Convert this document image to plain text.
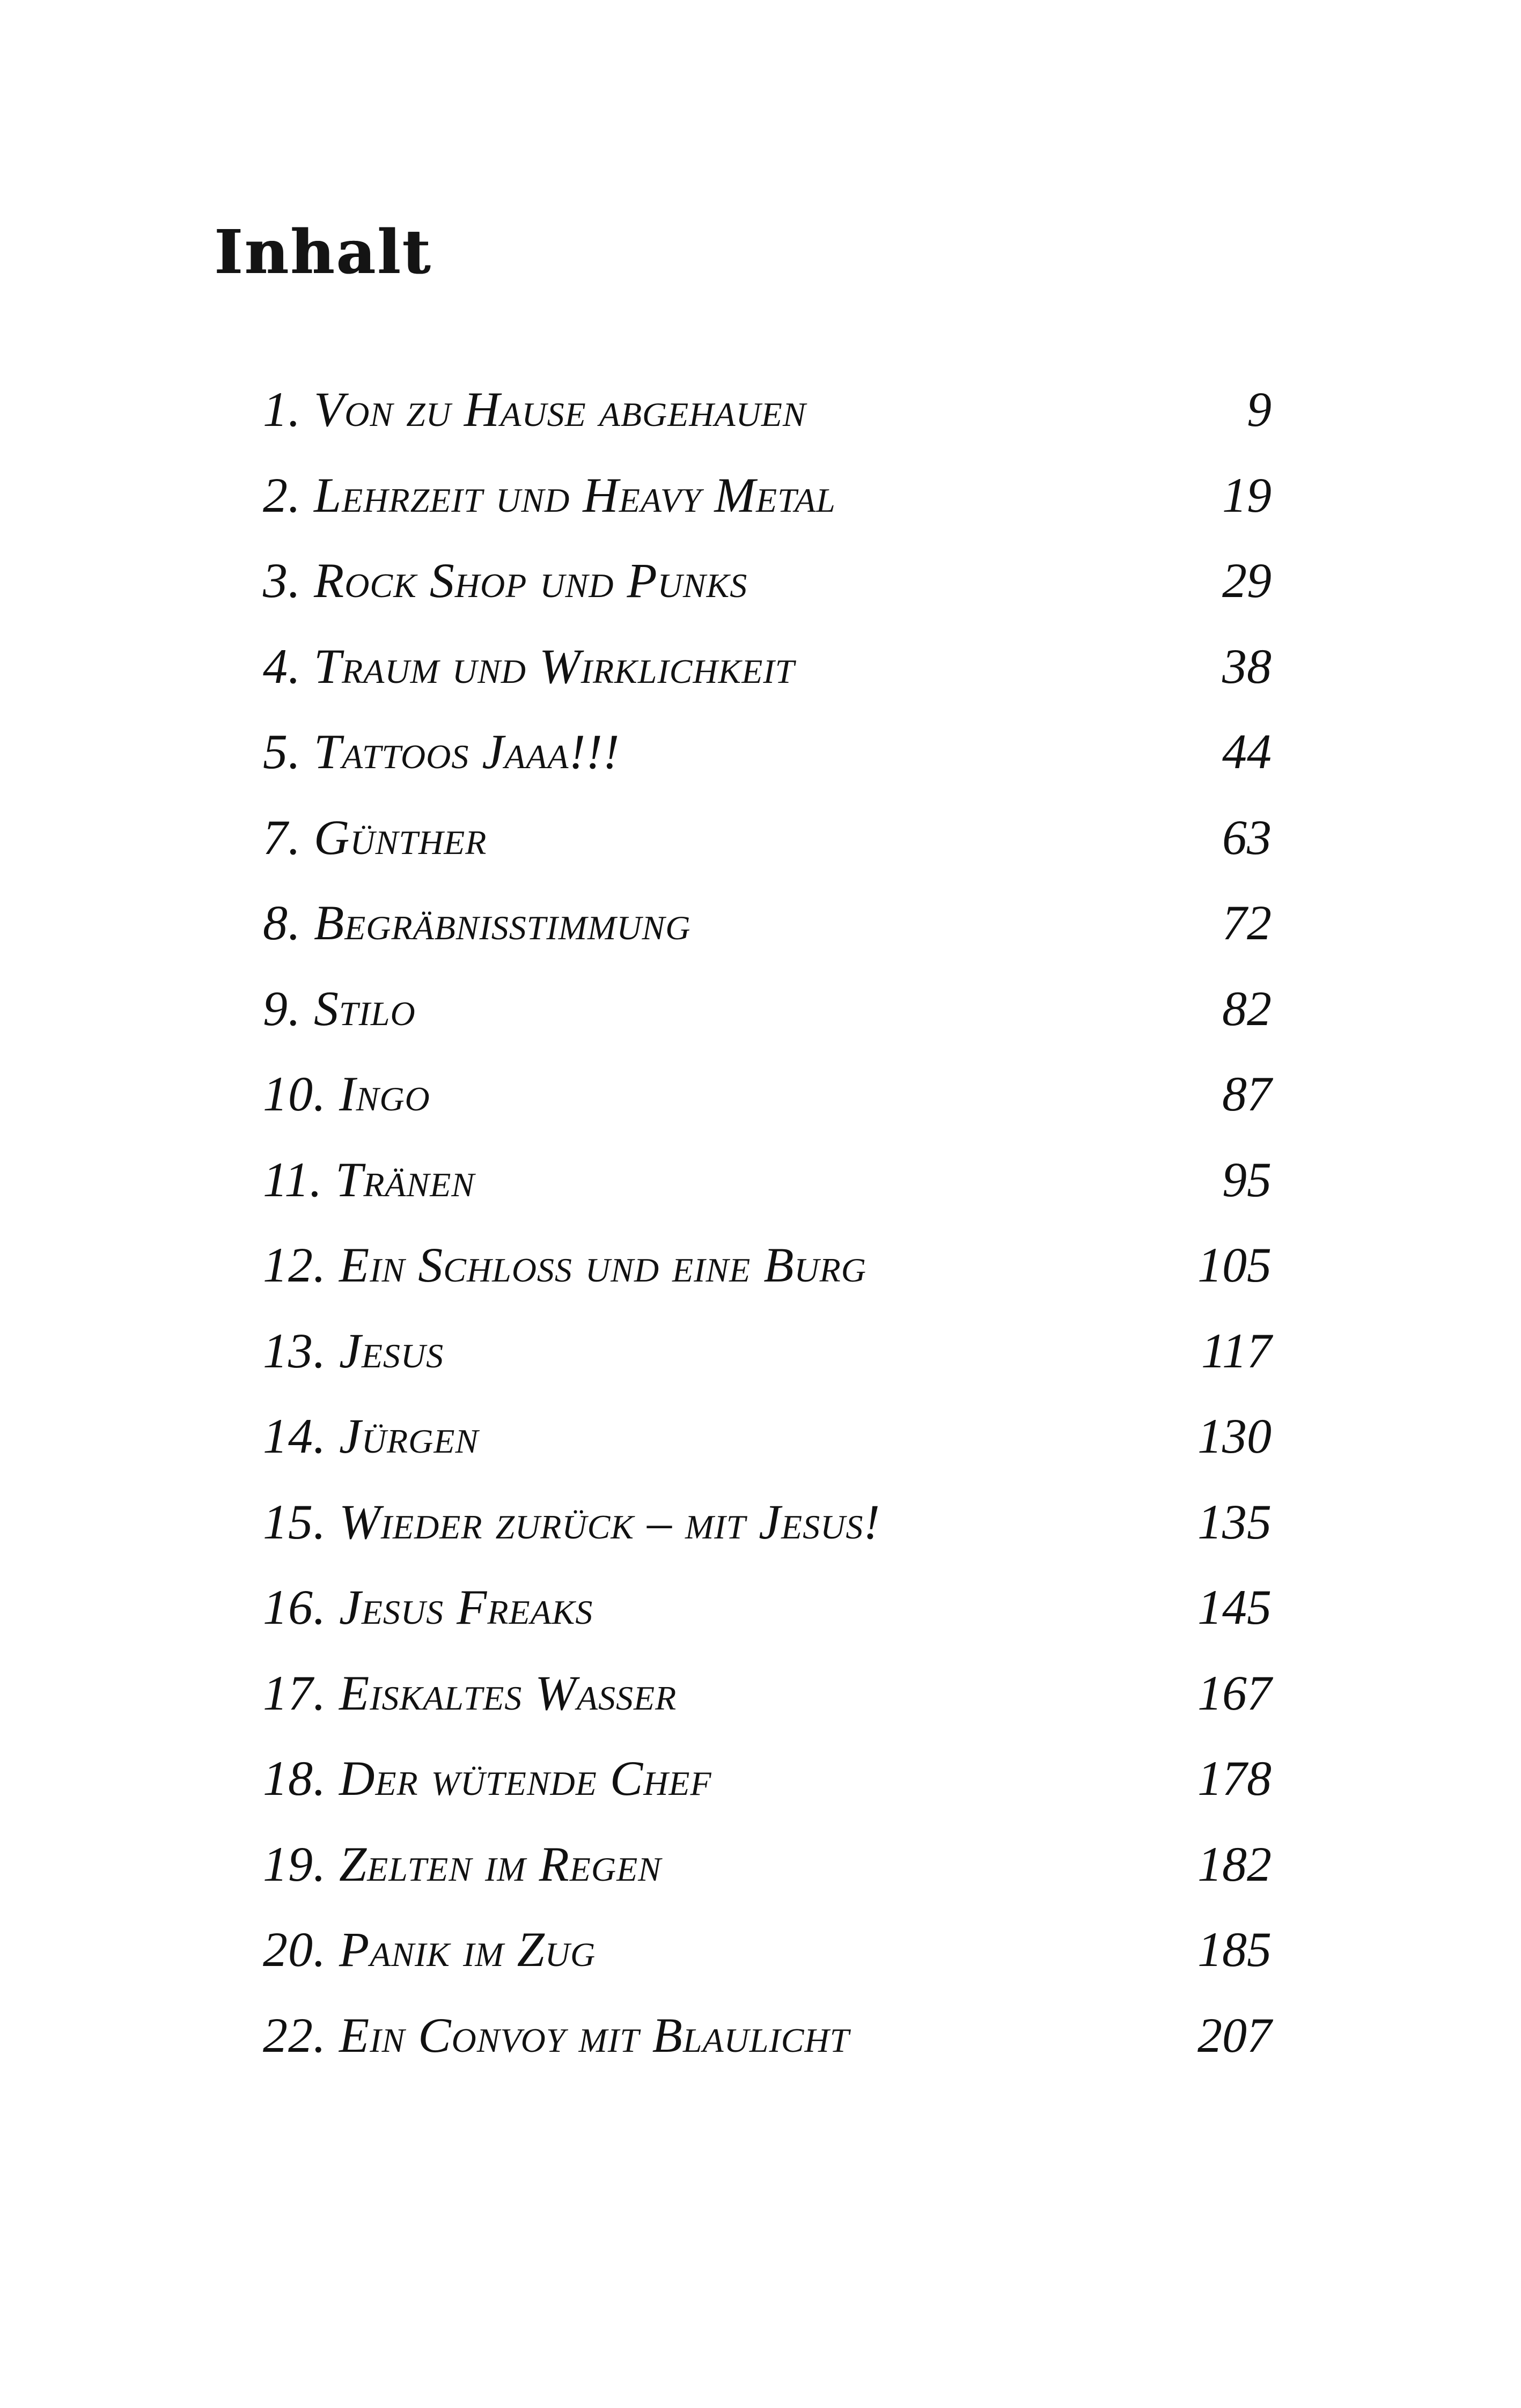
Inhalt
1. Von zu Hause abgehauen	9
2. Lehrzeit und Heavy Metal	19
3. Rock Shop und Punks	29
4. Traum und Wirklichkeit	38
5. Tattoos Jaaa!!!	44
7. Günther	63
8. Begräbnisstimmung	72
9. Stilo	82
10. Ingo	87
11. Tränen	95
12. Ein Schloss und eine Burg	105
13. Jesus	117
14. Jürgen	130
15. Wieder zurück – mit Jesus!	135
16. Jesus Freaks	145
17. Eiskaltes Wasser	167
18. Der wütende Chef	178
19. Zelten im Regen	182
20. Panik im Zug	185
22. Ein Convoy mit Blaulicht	207
